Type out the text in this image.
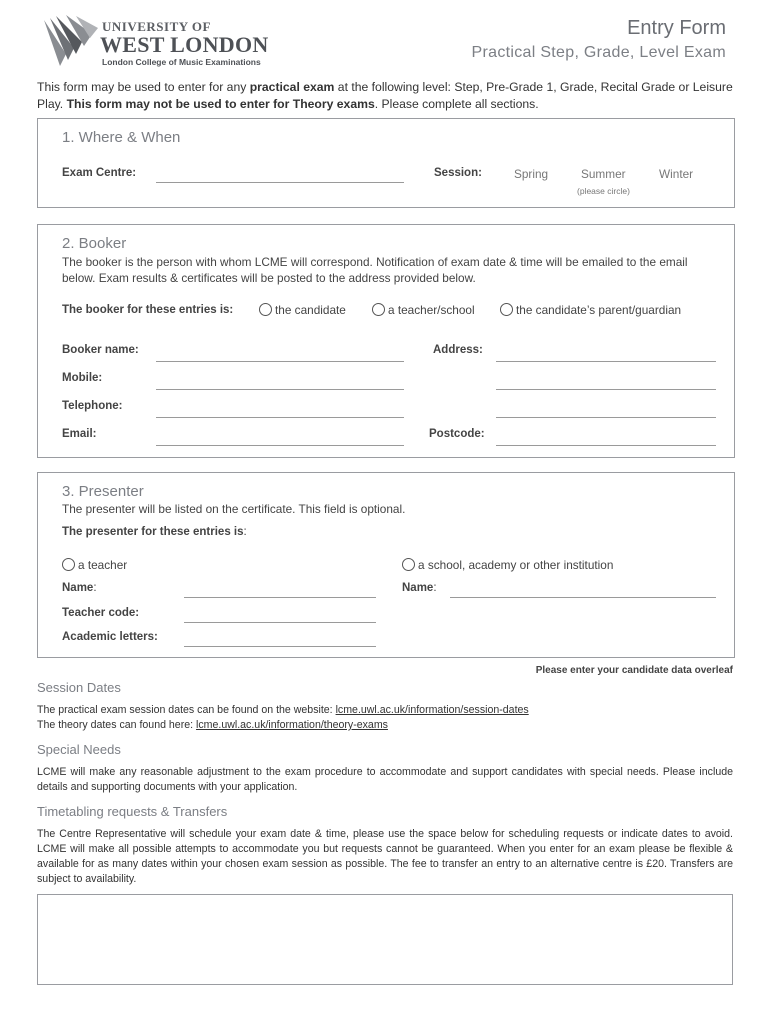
UNIVERSITY OF
WEST LONDON
London College of Music Examinations
Entry Form
Practical Step, Grade, Level Exam
This form may be used to enter for any practical exam at the following level: Step, Pre-Grade 1, Grade, Recital Grade or Leisure Play. This form may not be used to enter for Theory exams. Please complete all sections.
1. Where & When
Exam Centre:	Session:	Spring	Summer	Winter
(please circle)
2. Booker
The booker is the person with whom LCME will correspond. Notification of exam date & time will be emailed to the email below. Exam results & certificates will be posted to the address provided below.
The booker for these entries is:	the candidate	a teacher/school	the candidate’s parent/guardian
Booker name:	Address:
Mobile:
Telephone:
Email:	Postcode:
3. Presenter
The presenter will be listed on the certificate. This field is optional.
The presenter for these entries is:
a teacher	a school, academy or other institution
Name:	Name:
Teacher code:
Academic letters:
Please enter your candidate data overleaf
Session Dates
The practical exam session dates can be found on the website: lcme.uwl.ac.uk/information/session-dates
The theory dates can found here: lcme.uwl.ac.uk/information/theory-exams
Special Needs
LCME will make any reasonable adjustment to the exam procedure to accommodate and support candidates with special needs. Please include details and supporting documents with your application.
Timetabling requests & Transfers
The Centre Representative will schedule your exam date & time, please use the space below for scheduling requests or indicate dates to avoid. LCME will make all possible attempts to accommodate you but requests cannot be guaranteed. When you enter for an exam please be flexible & available for as many dates within your chosen exam session as possible. The fee to transfer an entry to an alternative centre is £20. Transfers are subject to availability.
